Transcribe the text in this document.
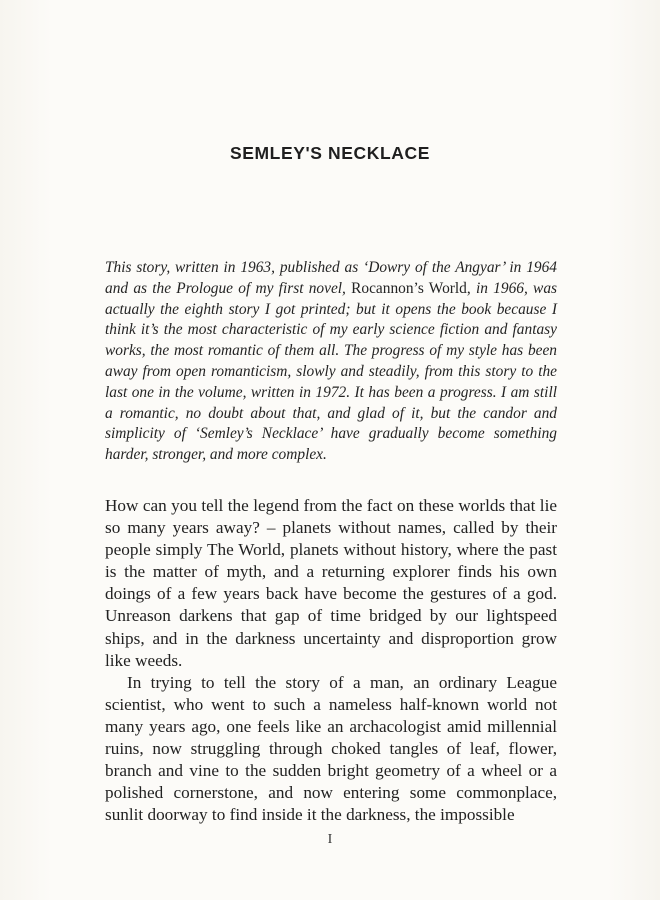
SEMLEY'S NECKLACE

This story, written in 1963, published as ‘Dowry of the Angyar’ in 1964 and as the Prologue of my first novel, Rocannon’s World, in 1966, was actually the eighth story I got printed; but it opens the book because I think it’s the most characteristic of my early science fiction and fantasy works, the most romantic of them all. The progress of my style has been away from open romanticism, slowly and steadily, from this story to the last one in the volume, written in 1972. It has been a progress. I am still a romantic, no doubt about that, and glad of it, but the candor and simplicity of ‘Semley’s Necklace’ have gradually become something harder, stronger, and more complex.

How can you tell the legend from the fact on these worlds that lie so many years away? – planets without names, called by their people simply The World, planets without history, where the past is the matter of myth, and a returning explorer finds his own doings of a few years back have become the gestures of a god. Unreason darkens that gap of time bridged by our lightspeed ships, and in the darkness uncertainty and disproportion grow like weeds.

In trying to tell the story of a man, an ordinary League scientist, who went to such a nameless half-known world not many years ago, one feels like an archacologist amid millennial ruins, now struggling through choked tangles of leaf, flower, branch and vine to the sudden bright geometry of a wheel or a polished cornerstone, and now entering some commonplace, sunlit doorway to find inside it the darkness, the impossible

I
